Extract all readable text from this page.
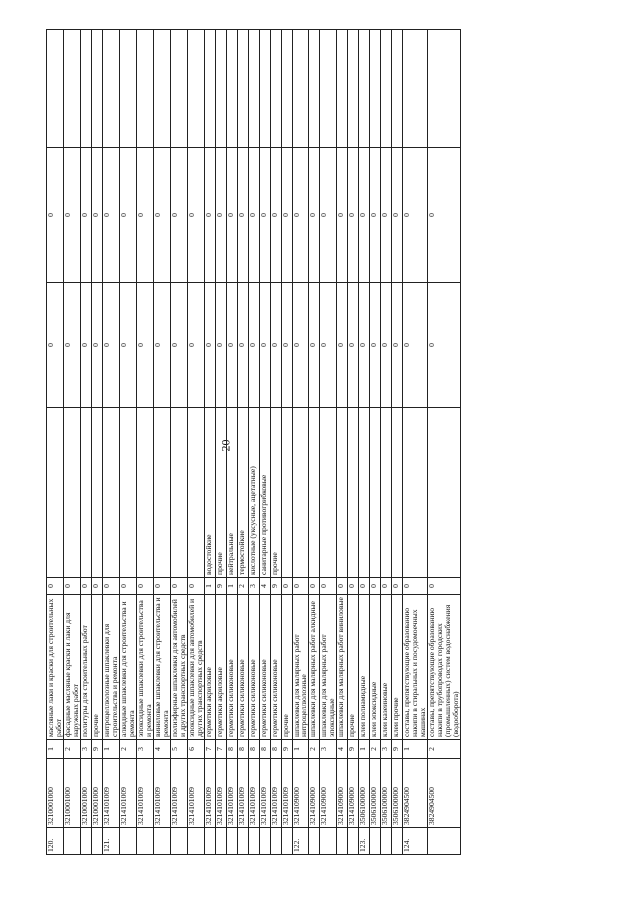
20
120.	3210001000	1	масляные лаки и краски для строительных работ	0		0	0	
	3210001000	2	фасадные масляные краски и лаки для наружных работ	0		0	0	
	3210001000	3	политуры для строительных работ	0		0	0	
	3210001000	9	прочие	0		0	0	
121.	3214101009	1	нитроцеллюлозные шпаклевки для строительства и ремонта	0		0	0	
	3214101009	2	алкидные шпаклевки для строительства и ремонта	0		0	0	
	3214101009	3	эпоксидные шпаклевки для строительства и ремонта	0		0	0	
	3214101009	4	виниловые шпаклевки для строительства и ремонта	0		0	0	
	3214101009	5	полиэфирные шпаклевки для автомобилей и других транспортных средств	0		0	0	
	3214101009	6	эпоксидные шпаклевки для автомобилей и других транспортных средств	0		0	0	
	3214101009	7	герметики акриловые	1	водостойкие	0	0	
	3214101009	7	герметики акриловые	9	прочие	0	0	
	3214101009	8	герметики силиконовые	1	нейтральные	0	0	
	3214101009	8	герметики силиконовые	2	термостойкие	0	0	
	3214101009	8	герметики силиконовые	3	кислотные (уксусные, ацетатные)	0	0	
	3214101009	8	герметики силиконовые	4	санитарные противогрибковые	0	0	
	3214101009	8	герметики силиконовые	9	прочие	0	0	
	3214101009	9	прочие	0		0	0	
122.	3214109000	1	шпаклевки для малярных работ нитроцеллюлозные	0		0	0	
	3214109000	2	шпаклевки для малярных работ алкидные	0		0	0	
	3214109000	3	шпаклевки для малярных работ эпоксидные	0		0	0	
	3214109000	4	шпаклевки для малярных работ виниловые	0		0	0	
	3214109000	9	прочие	0		0	0	
123.	3506100000	1	клеи полиамидные	0		0	0	
	3506100000	2	клеи эпоксидные	0		0	0	
	3506100000	3	клеи казеиновые	0		0	0	
	3506100000	9	клеи прочие	0		0	0	
124.	3824904500	1	составы, препятствующие образованию накипи в стиральных и посудомоечных машинах	0		0	0	
	3824904500	2	составы, препятствующие образованию накипи в трубопроводах городских (промышленных) систем водоснабжения (водооборота)	0		0	0	
